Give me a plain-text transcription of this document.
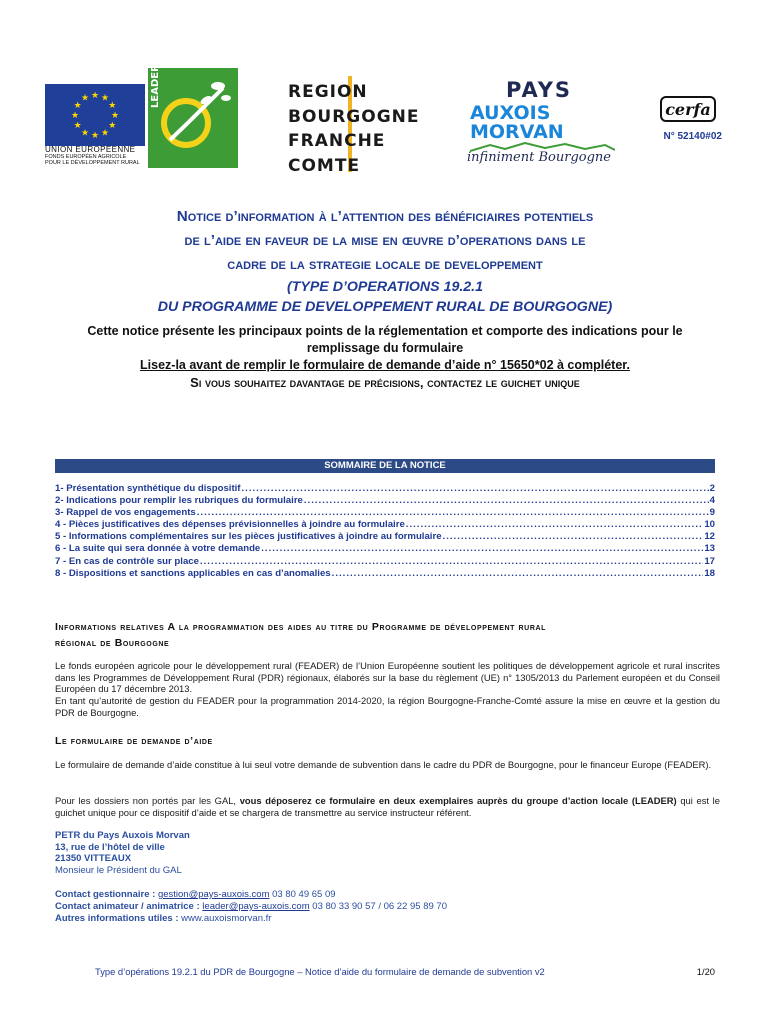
★ ★
★
★
★
★
★
★
★
★
★
★
UNION EUROPÉENNE
FONDS EUROPÉEN AGRICOLE
POUR LE DÉVELOPPEMENT RURAL
LEADER	REGION
BOURGOGNE
FRANCHE
COMTE
PAYS
AUXOIS
MORVAN
infiniment Bourgogne
cerfa
N° 52140#02
Notice d’information à l’attention des bénéficiaires potentiels
de l’aide en faveur de la mise en œuvre d’operations dans le
cadre de la strategie locale de developpement
(TYPE D’OPERATIONS 19.2.1
DU PROGRAMME DE DEVELOPPEMENT RURAL DE BOURGOGNE)
Cette notice présente les principaux points de la réglementation et comporte des indications pour le
remplissage du formulaire
Lisez-la avant de remplir le formulaire de demande d’aide n° 15650*02 à compléter.
Si vous souhaitez davantage de précisions, contactez le guichet unique
SOMMAIRE DE LA NOTICE
1- Présentation synthétique du dispositif .....	2
2- Indications pour remplir les rubriques du formulaire .....	4
3- Rappel de vos engagements .....	9
4 - Pièces justificatives des dépenses prévisionnelles à joindre au formulaire .....	10
5 - Informations complémentaires sur les pièces justificatives à joindre au formulaire .....	12
6 - La suite qui sera donnée à votre demande .....	13
7 - En cas de contrôle sur place .....	17
8 - Dispositions et sanctions applicables en cas d’anomalies .....	18
Informations relatives A la programmation des aides au titre du Programme de développement rural
régional de Bourgogne
Le fonds européen agricole pour le développement rural (FEADER) de l’Union Européenne soutient les politiques de développement agricole et rural inscrites dans les Programmes de Développement Rural (PDR) régionaux, élaborés sur la base du règlement (UE) n° 1305/2013 du Parlement européen et du Conseil Européen du 17 décembre 2013.
En tant qu’autorité de gestion du FEADER pour la programmation 2014-2020, la région Bourgogne-Franche-Comté assure la mise en œuvre et la gestion du PDR de Bourgogne.
Le formulaire de demande d’aide
Le formulaire de demande d’aide constitue à lui seul votre demande de subvention dans le cadre du PDR de Bourgogne, pour le financeur Europe (FEADER).
Pour les dossiers non portés par les GAL, vous déposerez ce formulaire en deux exemplaires auprès du groupe d’action locale (LEADER) qui est le guichet unique pour ce dispositif d’aide et se chargera de transmettre au service instructeur référent.
PETR du Pays Auxois Morvan
13, rue de l’hôtel de ville
21350 VITTEAUX
Monsieur le Président du GAL
Contact gestionnaire : gestion@pays-auxois.com 03 80 49 65 09
Contact animateur / animatrice : leader@pays-auxois.com 03 80 33 90 57 / 06 22 95 89 70
Autres informations utiles : www.auxoismorvan.fr
Type d’opérations 19.2.1 du PDR de Bourgogne – Notice d’aide du formulaire de demande de subvention v2	1/20
